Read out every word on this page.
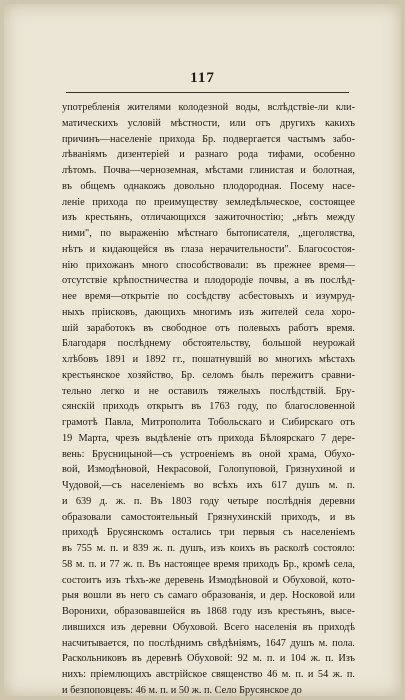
117
употребленія жителями колодезной воды, вслѣдствіе-ли кли-
матическихъ условій мѣстности, или отъ другихъ какихъ
причинъ—населеніе прихода Бр. подвергается частымъ забо-
лѣваніямъ дизентеріей и разнаго рода тифами, особенно
лѣтомъ. Почва—черноземная, мѣстами глинистая и болотная,
въ общемъ однакожъ довольно плодородная. Посему насе-
леніе прихода по преимуществу земледѣльческое, состоящее
изъ крестьянъ, отличающихся зажиточностію; „нѣтъ между
ними", по выраженію мѣстнаго бытописателя, „щеголяства,
нѣтъ и кидающейся въ глаза нерачительности". Благосостоя-
нію прихожанъ много способствовали: въ прежнее время—
отсутствіе крѣпостничества и плодородіе почвы, а въ послѣд-
нее время—открытіе по сосѣдству асбестовыхъ и изумруд-
ныхъ пріисковъ, дающихъ многимъ изъ жителей села хоро-
шій заработокъ въ свободное отъ полевыхъ работъ время.
Благодаря послѣднему обстоятельству, большой неурожай
хлѣбовъ 1891 и 1892 гг., пошатнувшій во многихъ мѣстахъ
крестьянское хозяйство, Бр. селомъ былъ пережитъ сравни-
тельно легко и не оставилъ тяжелыхъ послѣдствій. Бру-
сянскій приходъ открытъ въ 1763 году, по благословенной
грамотѣ Павла, Митрополита Тобольскаго и Сибирскаго отъ
19 Марта, чрезъ выдѣленіе отъ прихода Бѣлоярскаго 7 дере-
вень: Брусницыной—съ устроеніемъ въ оной храма, Обухо-
вой, Измодѣновой, Некрасовой, Голопуповой, Грязнухиной и
Чудовой,—съ населеніемъ во всѣхъ ихъ 617 душъ м. п.
и 639 д. ж. п. Въ 1803 году четыре послѣднія деревни
образовали самостоятельный Грязнухинскій приходъ, и въ
приходѣ Брусянскомъ остались три первыя съ населеніемъ
въ 755 м. п. и 839 ж. п. душъ, изъ коихъ въ расколѣ состояло:
58 м. п. и 77 ж. п. Въ настоящее время приходъ Бр., кромѣ села,
состоитъ изъ тѣхъ-же деревень Измодѣновой и Обуховой, кото-
рыя вошли въ него съ самаго образованія, и дер. Носковой или
Воронихи, образовавшейся въ 1868 году изъ крестьянъ, высе-
лившихся изъ деревни Обуховой. Всего населенія въ приходѣ
насчитывается, по послѣднимъ свѣдѣніямъ, 1647 душъ м. пола.
Раскольниковъ въ деревнѣ Обуховой: 92 м. п. и 104 ж. п. Изъ
нихъ: пріемлющихъ австрійское священство 46 м. п. и 54 ж. п.
и безпоповцевъ: 46 м. п. и 50 ж. п. Село Брусянское до
